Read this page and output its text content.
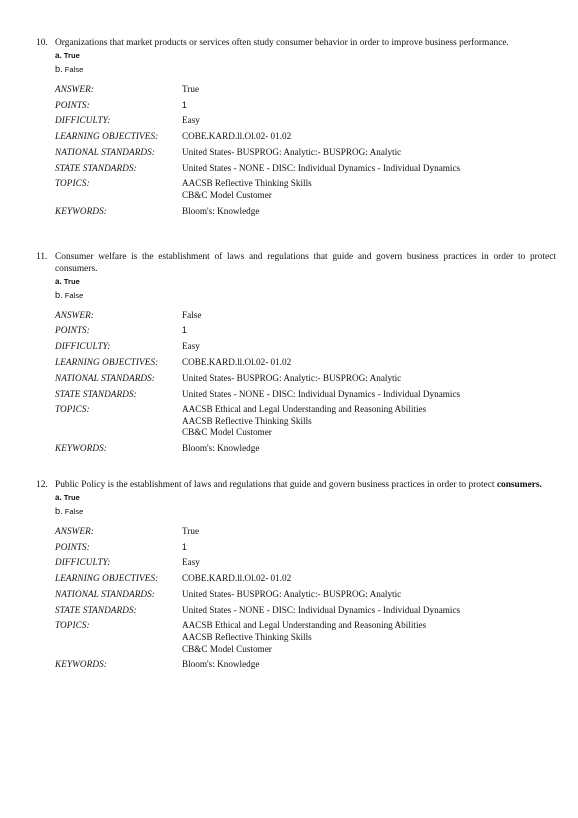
10. Organizations that market products or services often study consumer behavior in order to improve business performance.
a. True
b. False
ANSWER:	True
POINTS:	1
DIFFICULTY:	Easy
LEARNING OBJECTIVES:	COBE.KARD.ll.Ol.02- 01.02
NATIONAL STANDARDS:	United States- BUSPROG: Analytic:- BUSPROG: Analytic
STATE STANDARDS:	United States - NONE - DISC: Individual Dynamics - Individual Dynamics
TOPICS:	AACSB Reflective Thinking Skills
CB&C Model Customer
KEYWORDS:	Bloom's: Knowledge
11. Consumer welfare is the establishment of laws and regulations that guide and govern business practices in order to protect consumers.
a. True
b. False
ANSWER:	False
POINTS:	1
DIFFICULTY:	Easy
LEARNING OBJECTIVES:	COBE.KARD.ll.Ol.02- 01.02
NATIONAL STANDARDS:	United States- BUSPROG: Analytic:- BUSPROG: Analytic
STATE STANDARDS:	United States - NONE - DISC: Individual Dynamics - Individual Dynamics
TOPICS:	AACSB Ethical and Legal Understanding and Reasoning Abilities
AACSB Reflective Thinking Skills
CB&C Model Customer
KEYWORDS:	Bloom's: Knowledge
12. Public Policy is the establishment of laws and regulations that guide and govern business practices in order to protect consumers.
a. True
b. False
ANSWER:	True
POINTS:	1
DIFFICULTY:	Easy
LEARNING OBJECTIVES:	COBE.KARD.ll.Ol.02- 01.02
NATIONAL STANDARDS:	United States- BUSPROG: Analytic:- BUSPROG: Analytic
STATE STANDARDS:	United States - NONE - DISC: Individual Dynamics - Individual Dynamics
TOPICS:	AACSB Ethical and Legal Understanding and Reasoning Abilities
AACSB Reflective Thinking Skills
CB&C Model Customer
KEYWORDS:	Bloom's: Knowledge
